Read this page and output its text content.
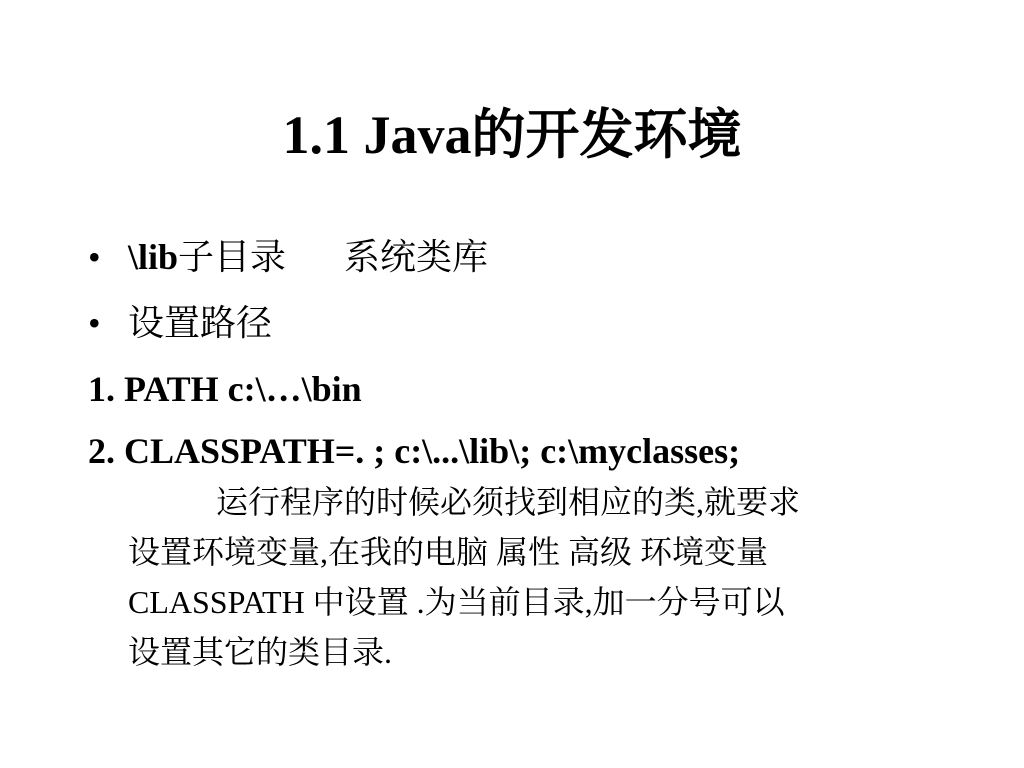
1.1 Java的开发环境
• \lib子目录 系统类库
• 设置路径
1. PATH c:\…\bin
2. CLASSPATH=. ; c:\...\lib\; c:\myclasses;
运行程序的时候必须找到相应的类,就要求
设置环境变量,在我的电脑 属性 高级 环境变量
CLASSPATH 中设置 .为当前目录,加一分号可以
设置其它的类目录.
